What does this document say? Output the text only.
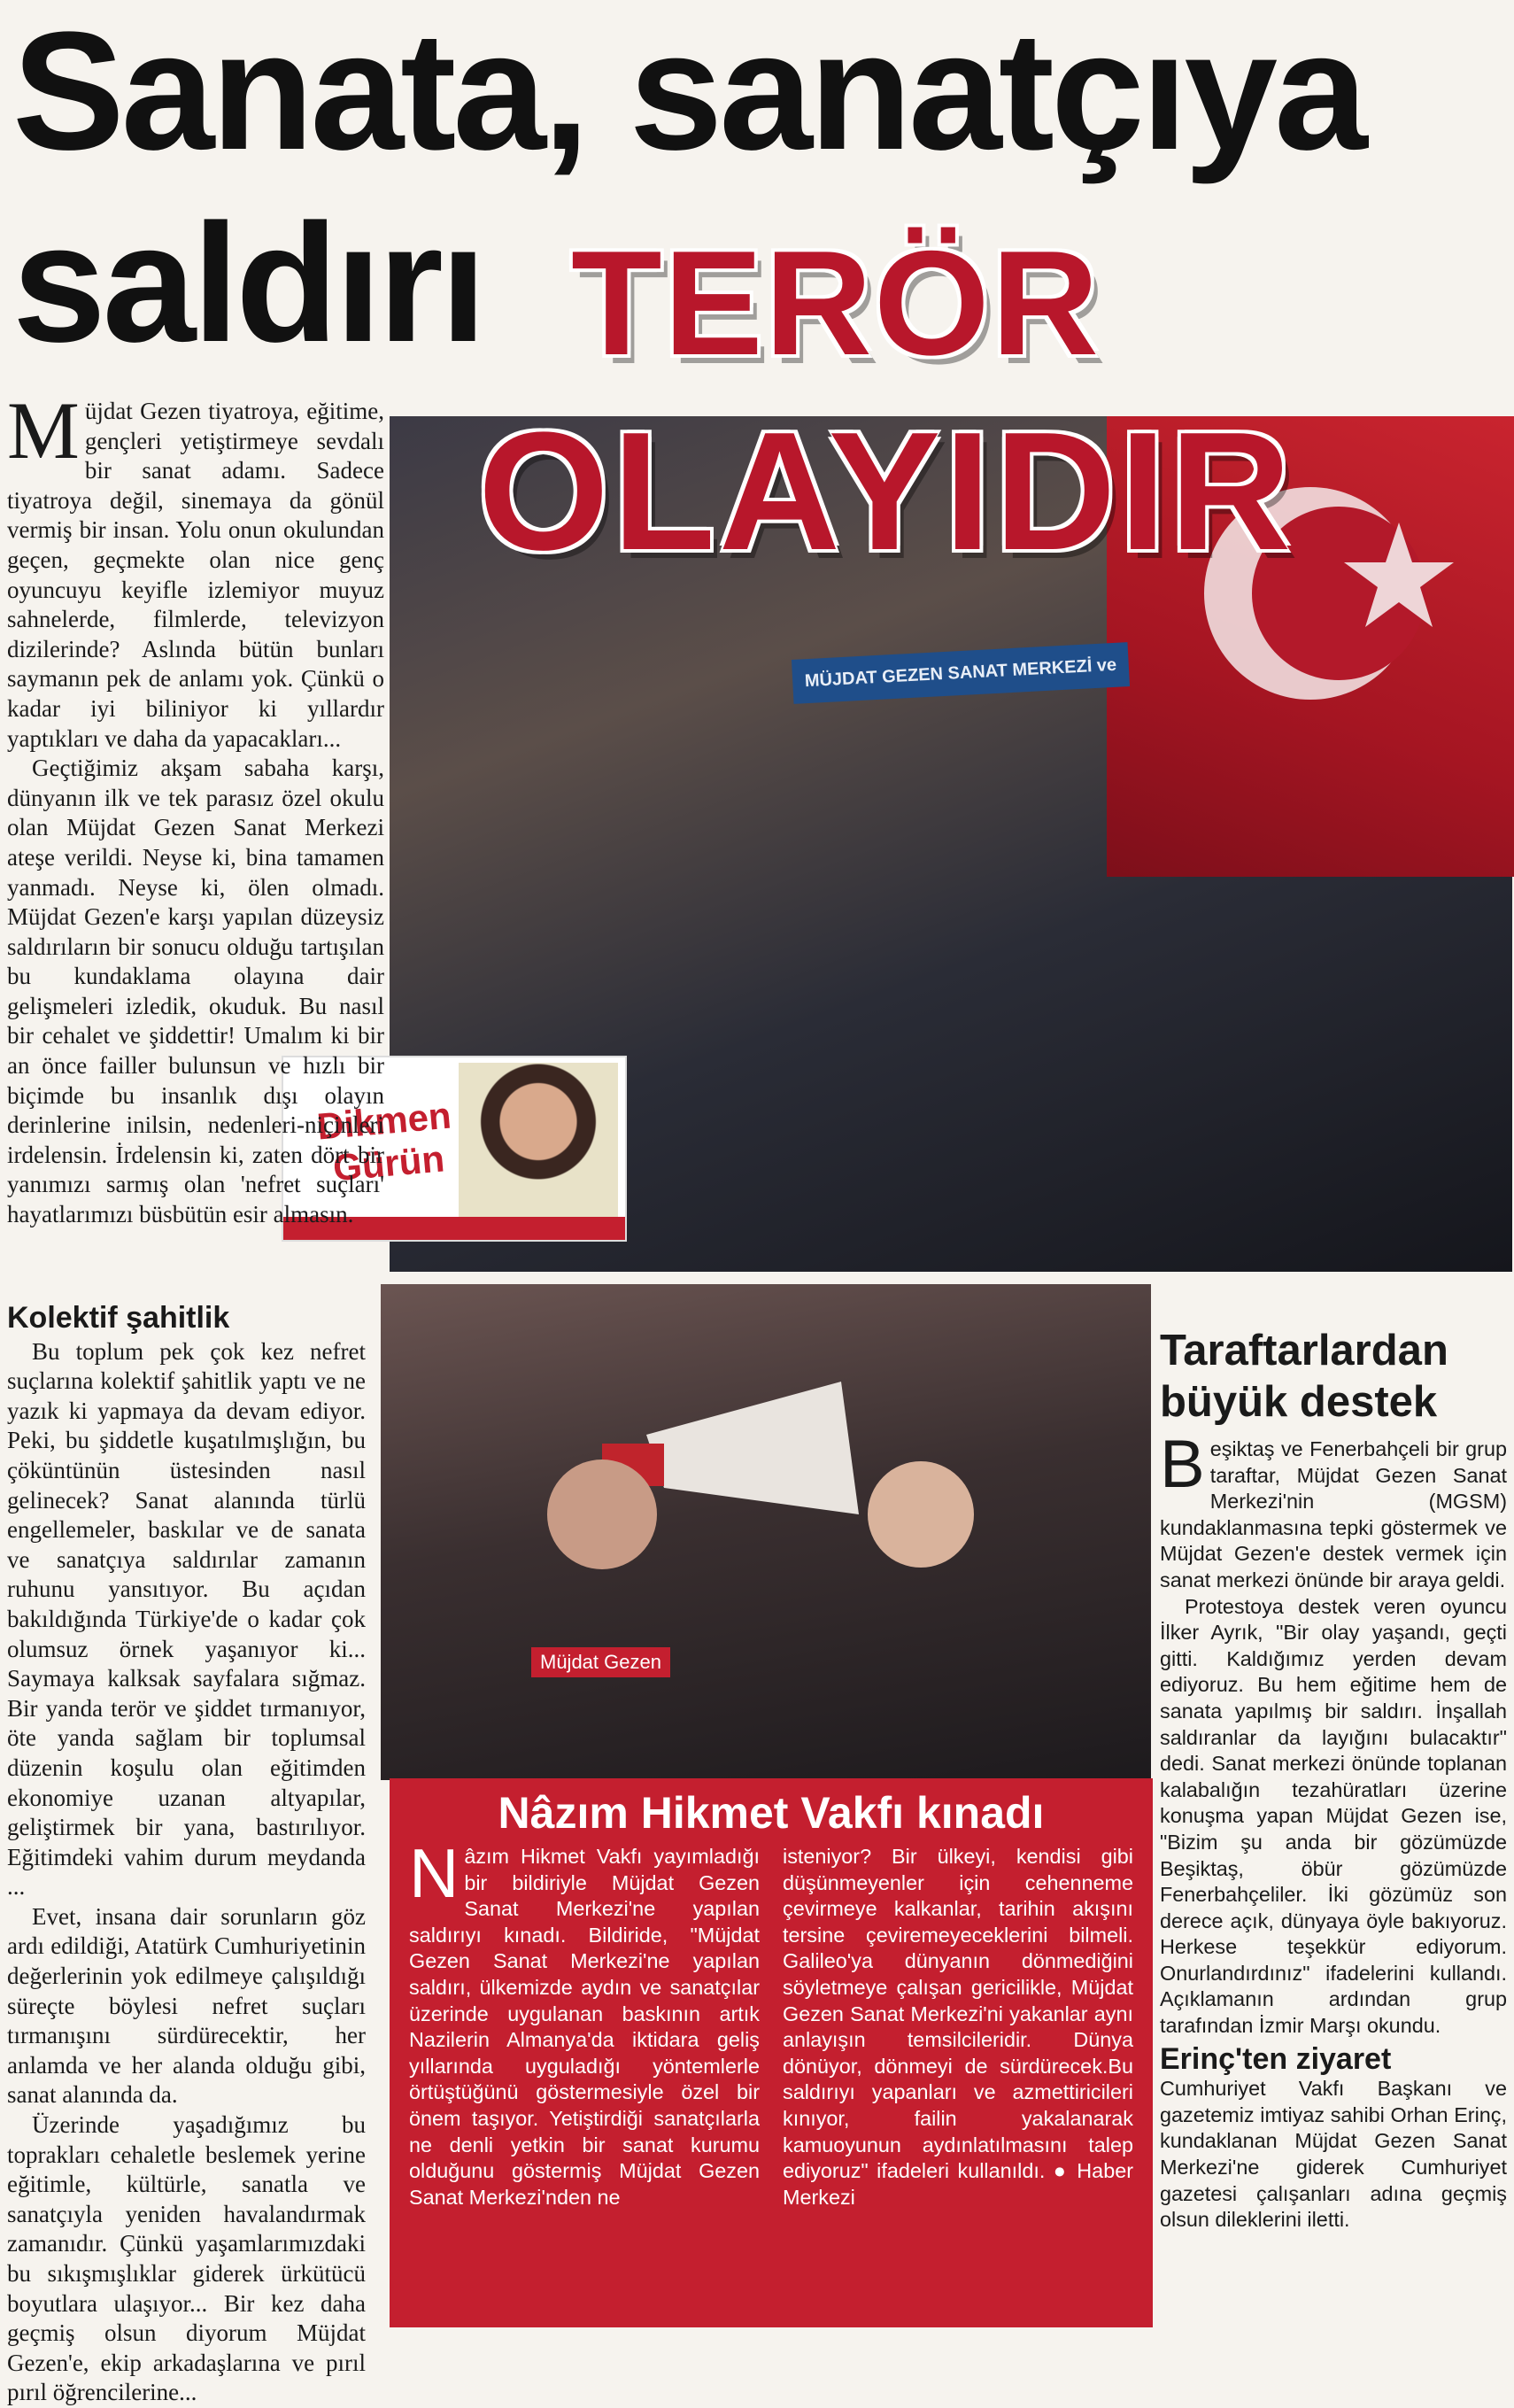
Sanata, sanatçıya
saldırı
MÜJDAT GEZEN SANAT MERKEZİ ve
TERÖR
OLAYIDIR
Dikmen
Gürün
M üjdat Gezen tiyatroya, eğitime, gençleri yetiştirmeye sevdalı bir sanat adamı. Sadece tiyatroya değil, sinemaya da gönül vermiş bir insan. Yolu onun okulundan geçen, geçmekte olan nice genç oyuncuyu keyifle izlemiyor muyuz sahnelerde, filmlerde, televizyon dizilerinde? Aslında bütün bunları saymanın pek de anlamı yok. Çünkü o kadar iyi biliniyor ki yıllardır yaptıkları ve daha da yapacakları...

Geçtiğimiz akşam sabaha karşı, dünyanın ilk ve tek parasız özel okulu olan Müjdat Gezen Sanat Merkezi ateşe verildi. Neyse ki, bina tamamen yanmadı. Neyse ki, ölen olmadı. Müjdat Gezen'e karşı yapılan düzeysiz saldırıların bir sonucu olduğu tartışılan bu kundaklama olayına dair gelişmeleri izledik, okuduk. Bu nasıl bir cehalet ve şiddettir! Umalım ki bir an önce failler bulunsun ve hızlı bir biçimde bu insanlık dışı olayın derinlerine inilsin, nedenleri-niçinleri irdelensin. İrdelensin ki, zaten dört bir yanımızı sarmış olan 'nefret suçları' hayatlarımızı büsbütün esir almasın.

Kolektif şahitlik

Bu toplum pek çok kez nefret suçlarına kolektif şahitlik yaptı ve ne yazık ki yapmaya da devam ediyor. Peki, bu şiddetle kuşatılmışlığın, bu çöküntünün üstesinden nasıl gelinecek? Sanat alanında türlü engellemeler, baskılar ve de sanata ve sanatçıya saldırılar zamanın ruhunu yansıtıyor. Bu açıdan bakıldığında Türkiye'de o kadar çok olumsuz örnek yaşanıyor ki... Saymaya kalksak sayfalara sığmaz. Bir yanda terör ve şiddet tırmanıyor, öte yanda sağlam bir toplumsal düzenin koşulu olan eğitimden ekonomiye uzanan altyapılar, geliştirmek bir yana, bastırılıyor. Eğitimdeki vahim durum meydanda ...

Evet, insana dair sorunların göz ardı edildiği, Atatürk Cumhuriyetinin değerlerinin yok edilmeye çalışıldığı süreçte böylesi nefret suçları tırmanışını sürdürecektir, her anlamda ve her alanda olduğu gibi, sanat alanında da.

Üzerinde yaşadığımız bu toprakları cehaletle beslemek yerine eğitimle, kültürle, sanatla ve sanatçıyla yeniden havalandırmak zamanıdır. Çünkü yaşamlarımızdaki bu sıkışmışlıklar giderek ürkütücü boyutlara ulaşıyor... Bir kez daha geçmiş olsun diyorum Müjdat Gezen'e, ekip arkadaşlarına ve pırıl pırıl öğrencilerine...

Müjdat Gezen
Nâzım Hikmet Vakfı kınadı
N âzım Hikmet Vakfı yayımladığı bir bildiriyle Müjdat Gezen Sanat Merkezi'ne yapılan saldırıyı kınadı. Bildiride, "Müjdat Gezen Sanat Merkezi'ne yapılan saldırı, ülkemizde aydın ve sanatçılar üzerinde uygulanan baskının artık Nazilerin Almanya'da iktidara geliş yıllarında uyguladığı yöntemlerle örtüştüğünü göstermesiyle özel bir önem taşıyor. Yetiştirdiği sanatçılarla ne denli yetkin bir sanat kurumu olduğunu göstermiş Müjdat Gezen Sanat Merkezi'nden ne
isteniyor? Bir ülkeyi, kendisi gibi düşünmeyenler için cehenneme çevirmeye kalkanlar, tarihin akışını tersine çeviremeyeceklerini bilmeli. Galileo'ya dünyanın dönmediğini söyletmeye çalışan gericilikle, Müjdat Gezen Sanat Merkezi'ni yakanlar aynı anlayışın temsilcileridir. Dünya dönüyor, dönmeyi de sürdürecek.Bu saldırıyı yapanları ve azmettiricileri kınıyor, failin yakalanarak kamuoyunun aydınlatılmasını talep ediyoruz" ifadeleri kullanıldı. ● Haber Merkezi
Taraftarlardan
büyük destek
B eşiktaş ve Fenerbahçeli bir grup taraftar, Müjdat Gezen Sanat Merkezi'nin (MGSM) kundaklanmasına tepki göstermek ve Müjdat Gezen'e destek vermek için sanat merkezi önünde bir araya geldi.

Protestoya destek veren oyuncu İlker Ayrık, "Bir olay yaşandı, geçti gitti. Kaldığımız yerden devam ediyoruz. Bu hem eğitime hem de sanata yapılmış bir saldırı. İnşallah saldıranlar da layığını bulacaktır" dedi. Sanat merkezi önünde toplanan kalabalığın tezahüratları üzerine konuşma yapan Müjdat Gezen ise, "Bizim şu anda bir gözümüzde Beşiktaş, öbür gözümüzde Fenerbahçeliler. İki gözümüz son derece açık, dünyaya öyle bakıyoruz. Herkese teşekkür ediyorum. Onurlandırdınız" ifadelerini kullandı. Açıklamanın ardından grup tarafından İzmir Marşı okundu.

Erinç'ten ziyaret

Cumhuriyet Vakfı Başkanı ve gazetemiz imtiyaz sahibi Orhan Erinç, kundaklanan Müjdat Gezen Sanat Merkezi'ne giderek Cumhuriyet gazetesi çalışanları adına geçmiş olsun dileklerini iletti.
